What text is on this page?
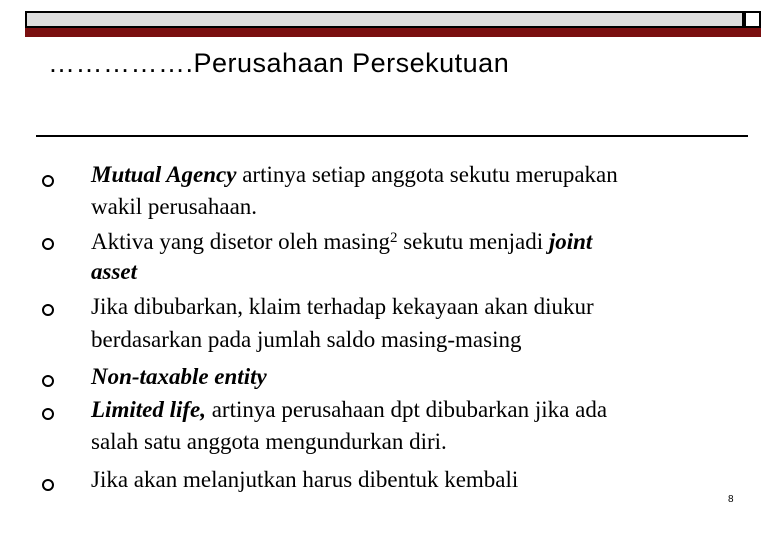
…………….Perusahaan Persekutuan
8
Mutual Agency artinya setiap anggota sekutu merupakan
wakil perusahaan.
Aktiva yang disetor oleh masing$^2$ sekutu menjadi joint
asset
Jika dibubarkan, klaim terhadap kekayaan akan diukur
berdasarkan pada jumlah saldo masing-masing
Non-taxable entity
Limited life, artinya perusahaan dpt dibubarkan jika ada
salah satu anggota mengundurkan diri.
Jika akan melanjutkan harus dibentuk kembali
